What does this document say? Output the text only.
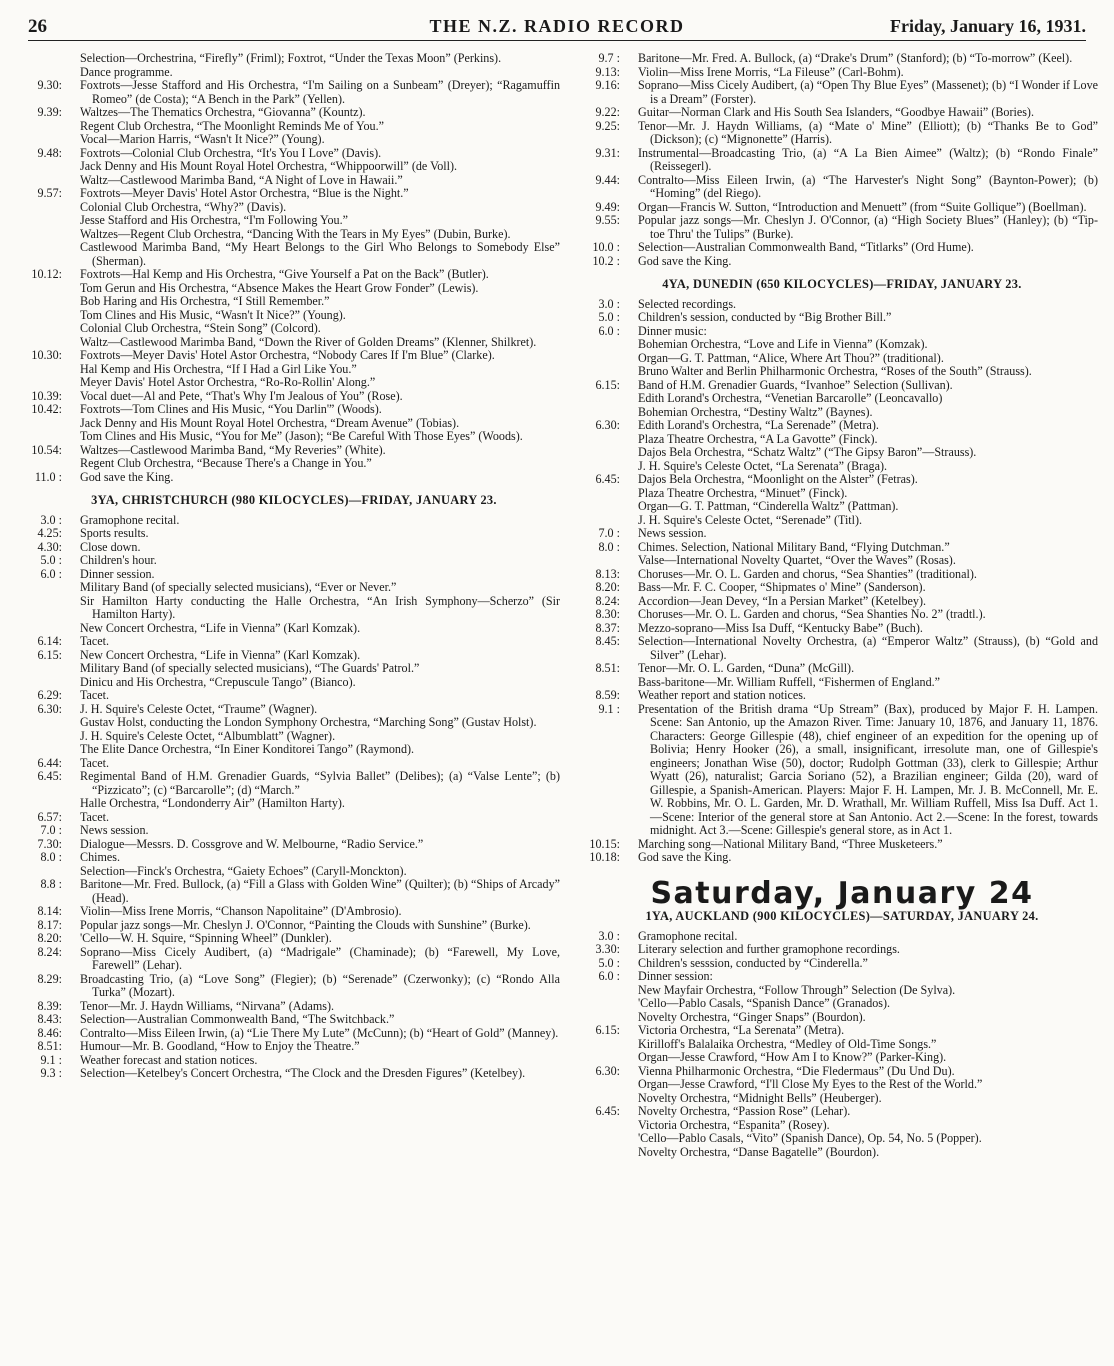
26	THE N.Z. RADIO RECORD	Friday, January 16, 1931.
Selection—Orchestrina, “Firefly” (Friml); Foxtrot, “Under the Texas Moon” (Perkins).
Dance programme.
9.30:	Foxtrots—Jesse Stafford and His Orchestra, “I'm Sailing on a Sunbeam” (Dreyer); “Ragamuffin Romeo” (de Costa); “A Bench in the Park” (Yellen).
9.39:	Waltzes—The Thematics Orchestra, “Giovanna” (Kountz).
Regent Club Orchestra, “The Moonlight Reminds Me of You.”
Vocal—Marion Harris, “Wasn't It Nice?” (Young).
9.48:	Foxtrots—Colonial Club Orchestra, “It's You I Love” (Davis).
Jack Denny and His Mount Royal Hotel Orchestra, “Whippoorwill” (de Voll).
Waltz—Castlewood Marimba Band, “A Night of Love in Hawaii.”
9.57:	Foxtrots—Meyer Davis' Hotel Astor Orchestra, “Blue is the Night.”
Colonial Club Orchestra, “Why?” (Davis).
Jesse Stafford and His Orchestra, “I'm Following You.”
Waltzes—Regent Club Orchestra, “Dancing With the Tears in My Eyes” (Dubin, Burke).
Castlewood Marimba Band, “My Heart Belongs to the Girl Who Belongs to Somebody Else” (Sherman).
10.12:	Foxtrots—Hal Kemp and His Orchestra, “Give Yourself a Pat on the Back” (Butler).
Tom Gerun and His Orchestra, “Absence Makes the Heart Grow Fonder” (Lewis).
Bob Haring and His Orchestra, “I Still Remember.”
Tom Clines and His Music, “Wasn't It Nice?” (Young).
Colonial Club Orchestra, “Stein Song” (Colcord).
Waltz—Castlewood Marimba Band, “Down the River of Golden Dreams” (Klenner, Shilkret).
10.30:	Foxtrots—Meyer Davis' Hotel Astor Orchestra, “Nobody Cares If I'm Blue” (Clarke).
Hal Kemp and His Orchestra, “If I Had a Girl Like You.”
Meyer Davis' Hotel Astor Orchestra, “Ro-Ro-Rollin' Along.”
10.39:	Vocal duet—Al and Pete, “That's Why I'm Jealous of You” (Rose).
10.42:	Foxtrots—Tom Clines and His Music, “You Darlin'” (Woods).
Jack Denny and His Mount Royal Hotel Orchestra, “Dream Avenue” (Tobias).
Tom Clines and His Music, “You for Me” (Jason); “Be Careful With Those Eyes” (Woods).
10.54:	Waltzes—Castlewood Marimba Band, “My Reveries” (White).
Regent Club Orchestra, “Because There's a Change in You.”
11.0 :	God save the King.
3YA, CHRISTCHURCH (980 KILOCYCLES)—FRIDAY, JANUARY 23.
3.0 :	Gramophone recital.
4.25:	Sports results.
4.30:	Close down.
5.0 :	Children's hour.
6.0 :	Dinner session.
Military Band (of specially selected musicians), “Ever or Never.”
Sir Hamilton Harty conducting the Halle Orchestra, “An Irish Symphony—Scherzo” (Sir Hamilton Harty).
New Concert Orchestra, “Life in Vienna” (Karl Komzak).
6.14:	Tacet.
6.15:	New Concert Orchestra, “Life in Vienna” (Karl Komzak).
Military Band (of specially selected musicians), “The Guards' Patrol.”
Dinicu and His Orchestra, “Crepuscule Tango” (Bianco).
6.29:	Tacet.
6.30:	J. H. Squire's Celeste Octet, “Traume” (Wagner).
Gustav Holst, conducting the London Symphony Orchestra, “Marching Song” (Gustav Holst).
J. H. Squire's Celeste Octet, “Albumblatt” (Wagner).
The Elite Dance Orchestra, “In Einer Konditorei Tango” (Raymond).
6.44:	Tacet.
6.45:	Regimental Band of H.M. Grenadier Guards, “Sylvia Ballet” (Delibes); (a) “Valse Lente”; (b) “Pizzicato”; (c) “Barcarolle”; (d) “March.”
Halle Orchestra, “Londonderry Air” (Hamilton Harty).
6.57:	Tacet.
7.0 :	News session.
7.30:	Dialogue—Messrs. D. Cossgrove and W. Melbourne, “Radio Service.”
8.0 :	Chimes.
Selection—Finck's Orchestra, “Gaiety Echoes” (Caryll-Monckton).
8.8 :	Baritone—Mr. Fred. Bullock, (a) “Fill a Glass with Golden Wine” (Quilter); (b) “Ships of Arcady” (Head).
8.14:	Violin—Miss Irene Morris, “Chanson Napolitaine” (D'Ambrosio).
8.17:	Popular jazz songs—Mr. Cheslyn J. O'Connor, “Painting the Clouds with Sunshine” (Burke).
8.20:	'Cello—W. H. Squire, “Spinning Wheel” (Dunkler).
8.24:	Soprano—Miss Cicely Audibert, (a) “Madrigale” (Chaminade); (b) “Farewell, My Love, Farewell” (Lehar).
8.29:	Broadcasting Trio, (a) “Love Song” (Flegier); (b) “Serenade” (Czerwonky); (c) “Rondo Alla Turka” (Mozart).
8.39:	Tenor—Mr. J. Haydn Williams, “Nirvana” (Adams).
8.43:	Selection—Australian Commonwealth Band, “The Switchback.”
8.46:	Contralto—Miss Eileen Irwin, (a) “Lie There My Lute” (McCunn); (b) “Heart of Gold” (Manney).
8.51:	Humour—Mr. B. Goodland, “How to Enjoy the Theatre.”
9.1 :	Weather forecast and station notices.
9.3 :	Selection—Ketelbey's Concert Orchestra, “The Clock and the Dresden Figures” (Ketelbey).
9.7 :	Baritone—Mr. Fred. A. Bullock, (a) “Drake's Drum” (Stanford); (b) “To-morrow” (Keel).
9.13:	Violin—Miss Irene Morris, “La Fileuse” (Carl-Bohm).
9.16:	Soprano—Miss Cicely Audibert, (a) “Open Thy Blue Eyes” (Massenet); (b) “I Wonder if Love is a Dream” (Forster).
9.22:	Guitar—Norman Clark and His South Sea Islanders, “Goodbye Hawaii” (Bories).
9.25:	Tenor—Mr. J. Haydn Williams, (a) “Mate o' Mine” (Elliott); (b) “Thanks Be to God” (Dickson); (c) “Mignonette” (Harris).
9.31:	Instrumental—Broadcasting Trio, (a) “A La Bien Aimee” (Waltz); (b) “Rondo Finale” (Reissegerl).
9.44:	Contralto—Miss Eileen Irwin, (a) “The Harvester's Night Song” (Baynton-Power); (b) “Homing” (del Riego).
9.49:	Organ—Francis W. Sutton, “Introduction and Menuett” (from “Suite Gollique”) (Boellman).
9.55:	Popular jazz songs—Mr. Cheslyn J. O'Connor, (a) “High Society Blues” (Hanley); (b) “Tip-toe Thru' the Tulips” (Burke).
10.0 :	Selection—Australian Commonwealth Band, “Titlarks” (Ord Hume).
10.2 :	God save the King.
4YA, DUNEDIN (650 KILOCYCLES)—FRIDAY, JANUARY 23.
3.0 :	Selected recordings.
5.0 :	Children's session, conducted by “Big Brother Bill.”
6.0 :	Dinner music:
Bohemian Orchestra, “Love and Life in Vienna” (Komzak).
Organ—G. T. Pattman, “Alice, Where Art Thou?” (traditional).
Bruno Walter and Berlin Philharmonic Orchestra, “Roses of the South” (Strauss).
6.15:	Band of H.M. Grenadier Guards, “Ivanhoe” Selection (Sullivan).
Edith Lorand's Orchestra, “Venetian Barcarolle” (Leoncavallo)
Bohemian Orchestra, “Destiny Waltz” (Baynes).
6.30:	Edith Lorand's Orchestra, “La Serenade” (Metra).
Plaza Theatre Orchestra, “A La Gavotte” (Finck).
Dajos Bela Orchestra, “Schatz Waltz” (“The Gipsy Baron”—Strauss).
J. H. Squire's Celeste Octet, “La Serenata” (Braga).
6.45:	Dajos Bela Orchestra, “Moonlight on the Alster” (Fetras).
Plaza Theatre Orchestra, “Minuet” (Finck).
Organ—G. T. Pattman, “Cinderella Waltz” (Pattman).
J. H. Squire's Celeste Octet, “Serenade” (Titl).
7.0 :	News session.
8.0 :	Chimes. Selection, National Military Band, “Flying Dutchman.”
Valse—International Novelty Quartet, “Over the Waves” (Rosas).
8.13:	Choruses—Mr. O. L. Garden and chorus, “Sea Shanties” (traditional).
8.20:	Bass—Mr. F. C. Cooper, “Shipmates o' Mine” (Sanderson).
8.24:	Accordion—Jean Devey, “In a Persian Market” (Ketelbey).
8.30:	Choruses—Mr. O. L. Garden and chorus, “Sea Shanties No. 2” (tradtl.).
8.37:	Mezzo-soprano—Miss Isa Duff, “Kentucky Babe” (Buch).
8.45:	Selection—International Novelty Orchestra, (a) “Emperor Waltz” (Strauss), (b) “Gold and Silver” (Lehar).
8.51:	Tenor—Mr. O. L. Garden, “Duna” (McGill).
Bass-baritone—Mr. William Ruffell, “Fishermen of England.”
8.59:	Weather report and station notices.
9.1 :	Presentation of the British drama “Up Stream” (Bax), produced by Major F. H. Lampen. Scene: San Antonio, up the Amazon River. Time: January 10, 1876, and January 11, 1876. Characters: George Gillespie (48), chief engineer of an expedition for the opening up of Bolivia; Henry Hooker (26), a small, insignificant, irresolute man, one of Gillespie's engineers; Jonathan Wise (50), doctor; Rudolph Gottman (33), clerk to Gillespie; Arthur Wyatt (26), naturalist; Garcia Soriano (52), a Brazilian engineer; Gilda (20), ward of Gillespie, a Spanish-American. Players: Major F. H. Lampen, Mr. J. B. McConnell, Mr. E. W. Robbins, Mr. O. L. Garden, Mr. D. Wrathall, Mr. William Ruffell, Miss Isa Duff. Act 1.—Scene: Interior of the general store at San Antonio. Act 2.—Scene: In the forest, towards midnight. Act 3.—Scene: Gillespie's general store, as in Act 1.
10.15:	Marching song—National Military Band, “Three Musketeers.”
10.18:	God save the King.
Saturday, January 24
1YA, AUCKLAND (900 KILOCYCLES)—SATURDAY, JANUARY 24.
3.0 :	Gramophone recital.
3.30:	Literary selection and further gramophone recordings.
5.0 :	Children's sesssion, conducted by “Cinderella.”
6.0 :	Dinner session:
New Mayfair Orchestra, “Follow Through” Selection (De Sylva).
'Cello—Pablo Casals, “Spanish Dance” (Granados).
Novelty Orchestra, “Ginger Snaps” (Bourdon).
6.15:	Victoria Orchestra, “La Serenata” (Metra).
Kirilloff's Balalaika Orchestra, “Medley of Old-Time Songs.”
Organ—Jesse Crawford, “How Am I to Know?” (Parker-King).
6.30:	Vienna Philharmonic Orchestra, “Die Fledermaus” (Du Und Du).
Organ—Jesse Crawford, “I'll Close My Eyes to the Rest of the World.”
Novelty Orchestra, “Midnight Bells” (Heuberger).
6.45:	Novelty Orchestra, “Passion Rose” (Lehar).
Victoria Orchestra, “Espanita” (Rosey).
'Cello—Pablo Casals, “Vito” (Spanish Dance), Op. 54, No. 5 (Popper).
Novelty Orchestra, “Danse Bagatelle” (Bourdon).
